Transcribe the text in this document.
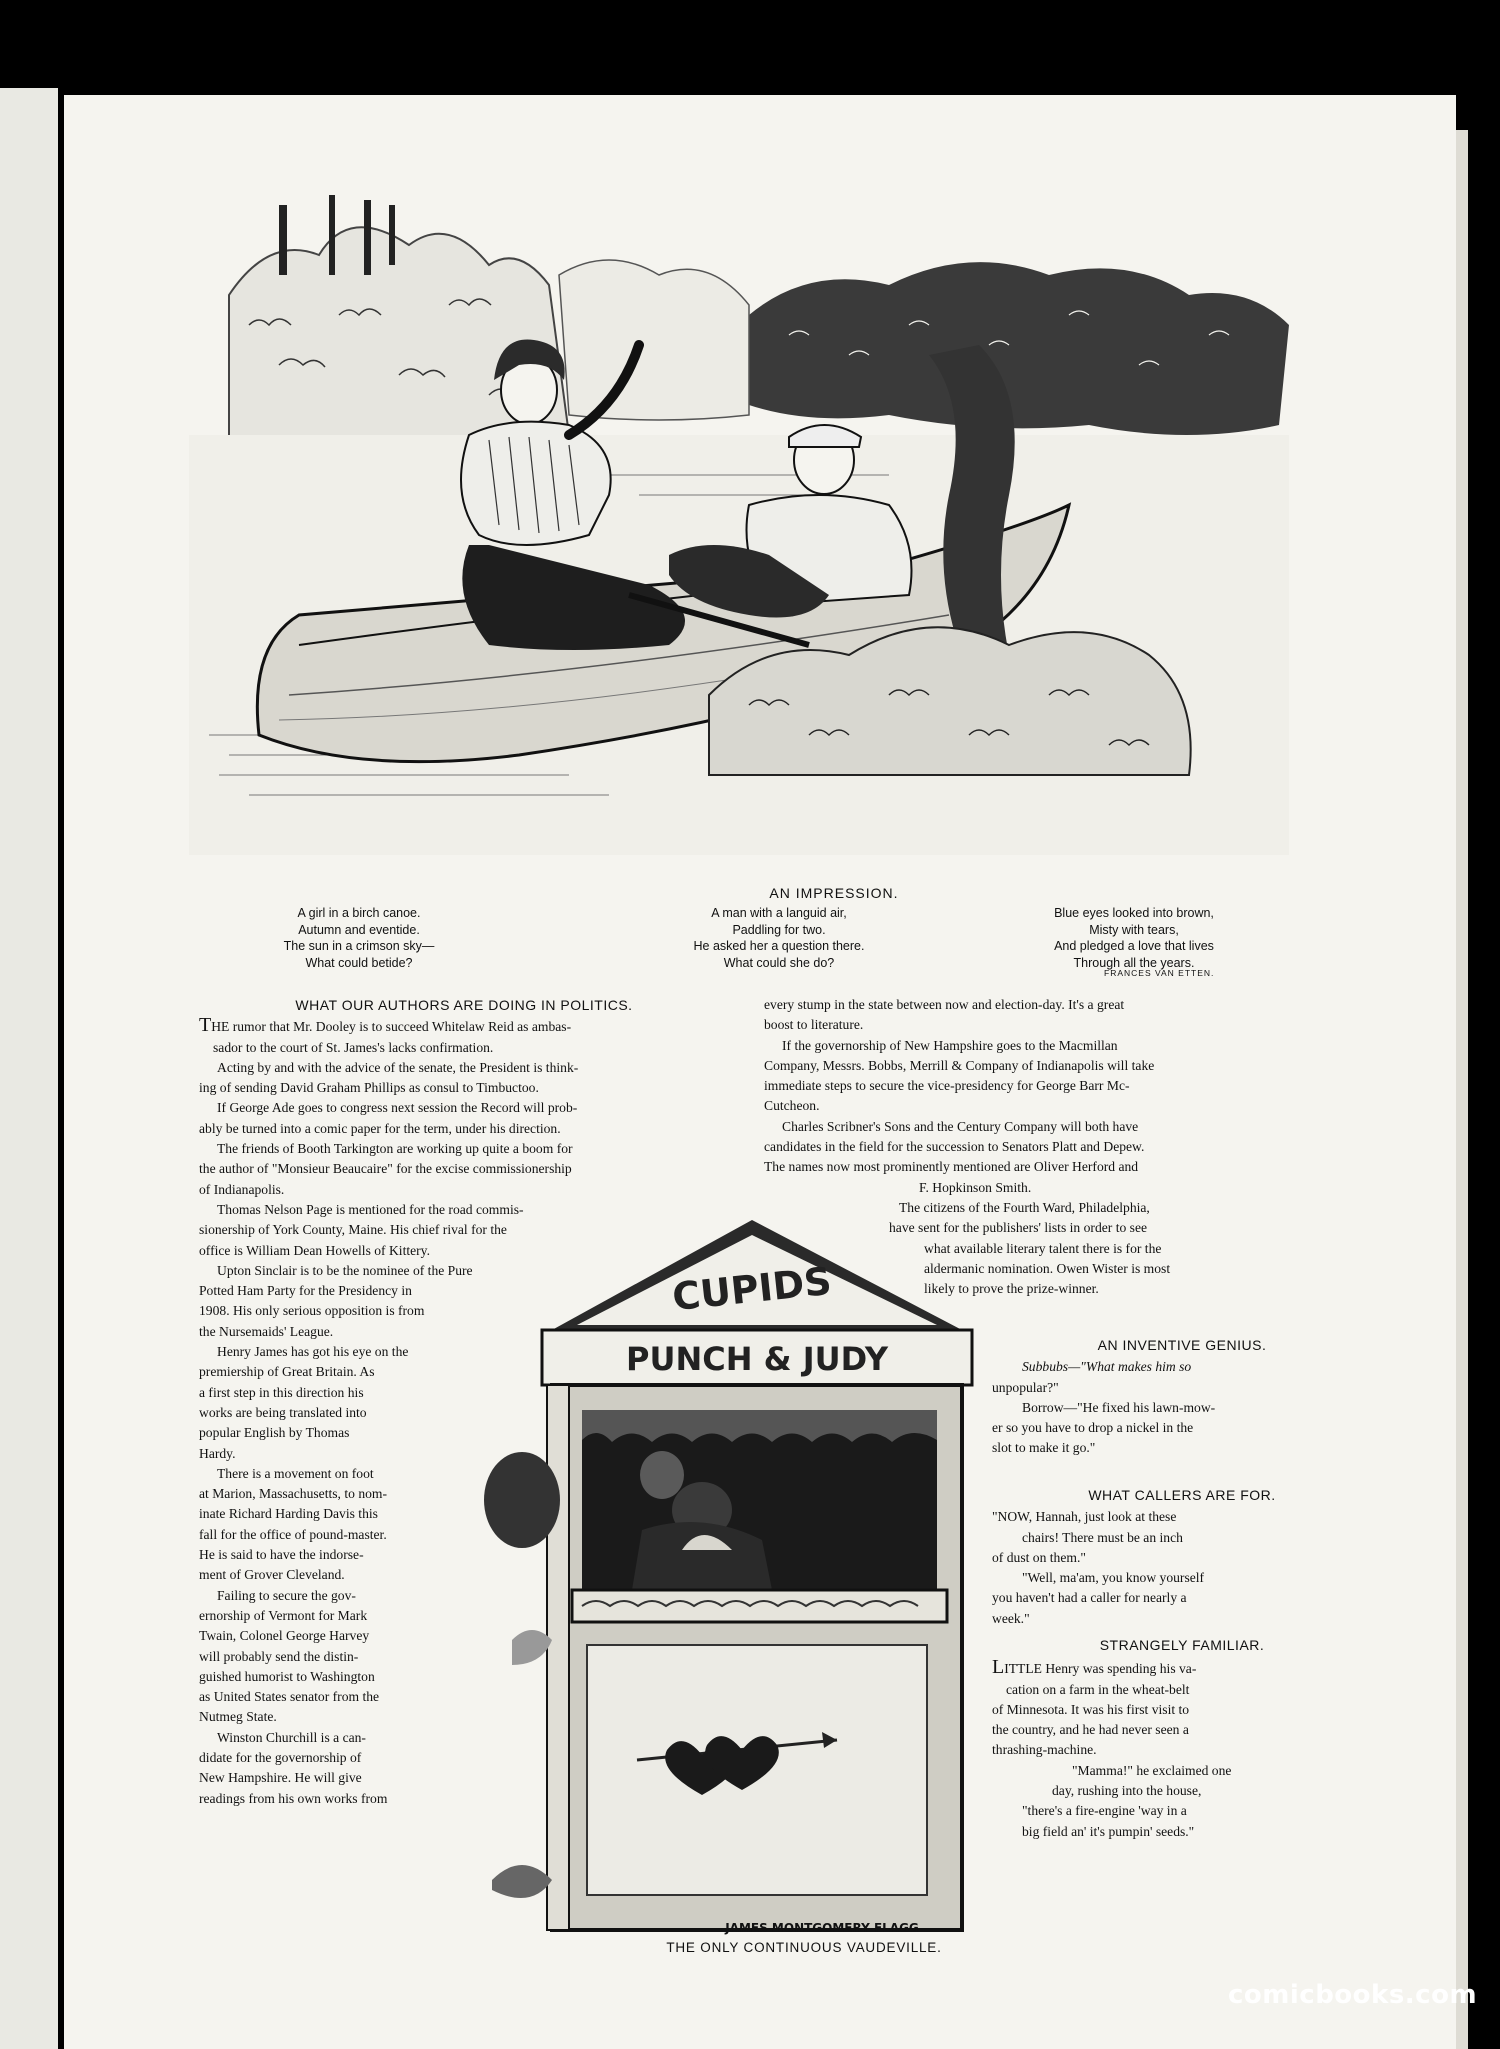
AN IMPRESSION.
A girl in a birch canoe.
Autumn and eventide.
The sun in a crimson sky—
What could betide?
A man with a languid air,
Paddling for two.
He asked her a question there.
What could she do?
Blue eyes looked into brown,
Misty with tears,
And pledged a love that lives
Through all the years.
FRANCES VAN ETTEN.
WHAT OUR AUTHORS ARE DOING IN POLITICS.
THE rumor that Mr. Dooley is to succeed Whitelaw Reid as ambas-
sador to the court of St. James's lacks confirmation.
Acting by and with the advice of the senate, the President is think-
ing of sending David Graham Phillips as consul to Timbuctoo.
If George Ade goes to congress next session the Record will prob-
ably be turned into a comic paper for the term, under his direction.
The friends of Booth Tarkington are working up quite a boom for
the author of "Monsieur Beaucaire" for the excise commissionership
of Indianapolis.
Thomas Nelson Page is mentioned for the road commis-
sionership of York County, Maine. His chief rival for the
office is William Dean Howells of Kittery.
Upton Sinclair is to be the nominee of the Pure
Potted Ham Party for the Presidency in
1908. His only serious opposition is from
the Nursemaids' League.
Henry James has got his eye on the
premiership of Great Britain. As
a first step in this direction his
works are being translated into
popular English by Thomas
Hardy.
There is a movement on foot
at Marion, Massachusetts, to nom-
inate Richard Harding Davis this
fall for the office of pound-master.
He is said to have the indorse-
ment of Grover Cleveland.
Failing to secure the gov-
ernorship of Vermont for Mark
Twain, Colonel George Harvey
will probably send the distin-
guished humorist to Washington
as United States senator from the
Nutmeg State.
Winston Churchill is a can-
didate for the governorship of
New Hampshire. He will give
readings from his own works from
every stump in the state between now and election-day. It's a great
boost to literature.
If the governorship of New Hampshire goes to the Macmillan
Company, Messrs. Bobbs, Merrill & Company of Indianapolis will take
immediate steps to secure the vice-presidency for George Barr Mc-
Cutcheon.
Charles Scribner's Sons and the Century Company will both have
candidates in the field for the succession to Senators Platt and Depew.
The names now most prominently mentioned are Oliver Herford and
F. Hopkinson Smith.
The citizens of the Fourth Ward, Philadelphia,
have sent for the publishers' lists in order to see
what available literary talent there is for the
aldermanic nomination. Owen Wister is most
likely to prove the prize-winner.
AN INVENTIVE GENIUS.
Subbubs—"What makes him so
unpopular?"
Borrow—"He fixed his lawn-mow-
er so you have to drop a nickel in the
slot to make it go."
WHAT CALLERS ARE FOR.
"NOW, Hannah, just look at these
chairs! There must be an inch
of dust on them."
"Well, ma'am, you know yourself
you haven't had a caller for nearly a
week."
STRANGELY FAMILIAR.
LITTLE Henry was spending his va-
cation on a farm in the wheat-belt
of Minnesota. It was his first visit to
the country, and he had never seen a
thrashing-machine.
"Mamma!" he exclaimed one
day, rushing into the house,
"there's a fire-engine 'way in a
big field an' it's pumpin' seeds."
CUPIDS
PUNCH & JUDY
JAMES MONTGOMERY FLAGG
THE ONLY CONTINUOUS VAUDEVILLE.
comicbooks.com
